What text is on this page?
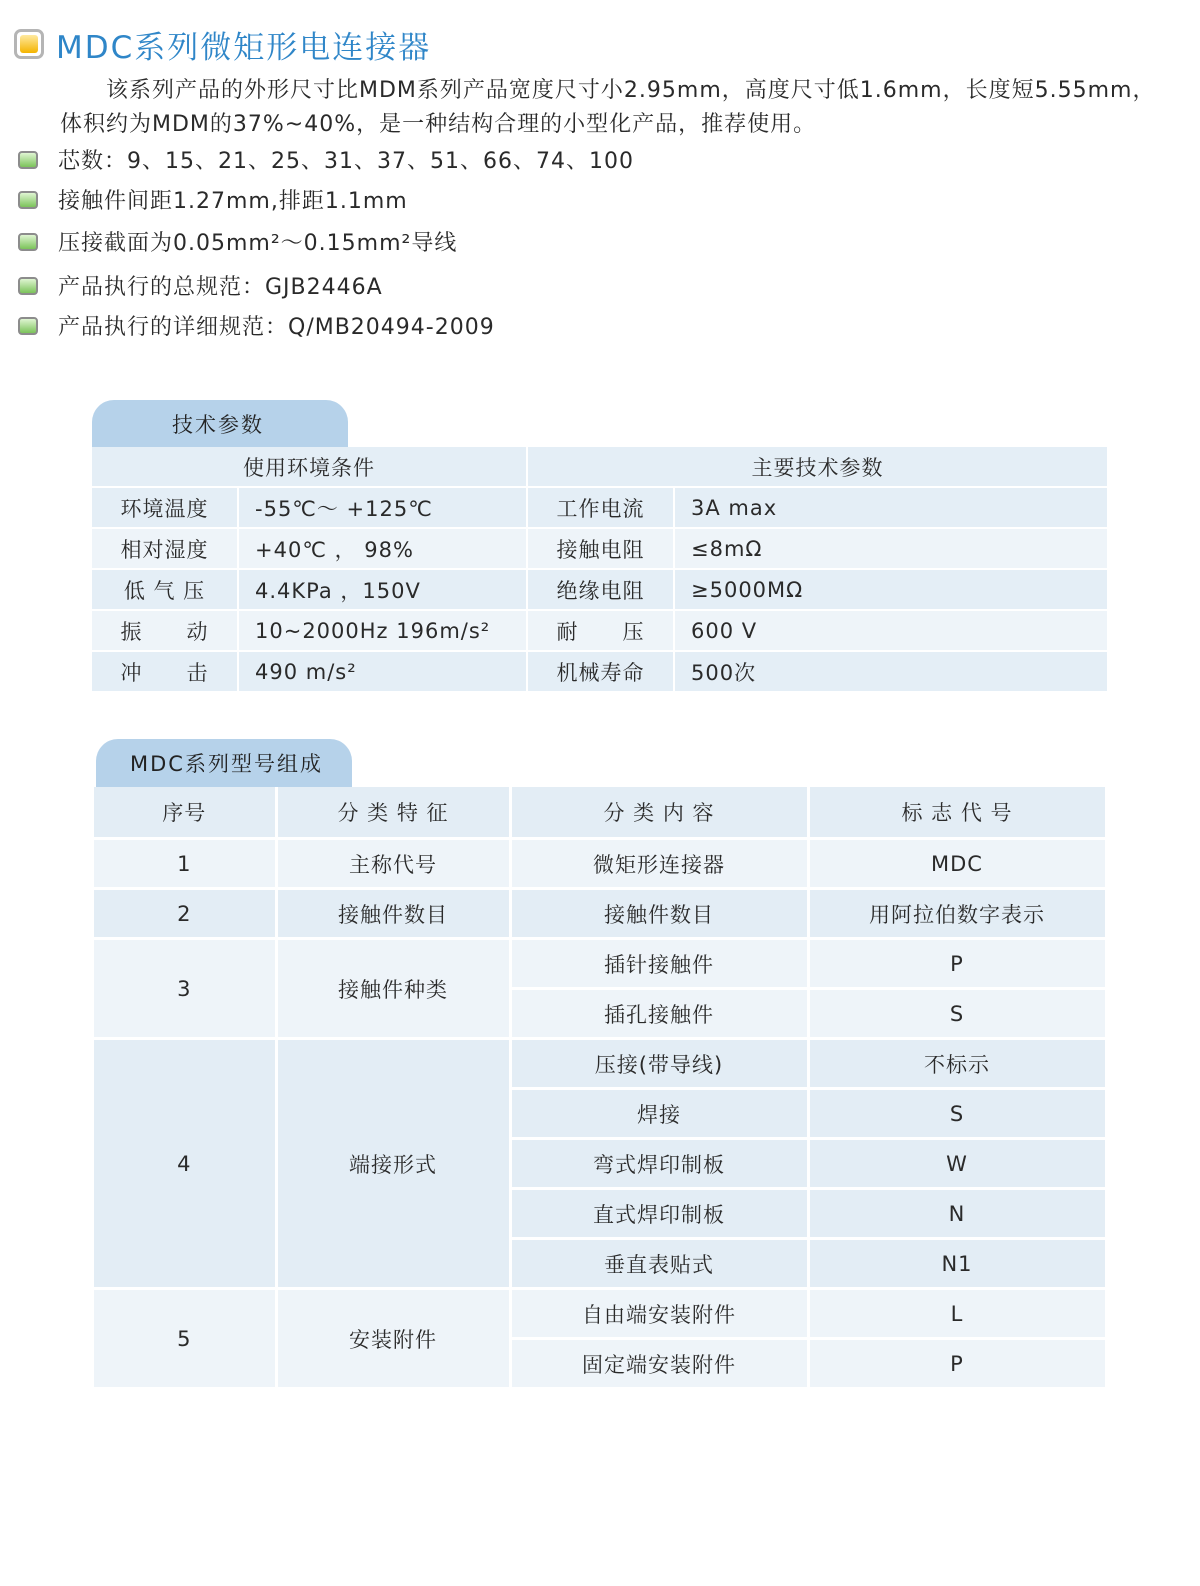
MDC系列微矩形电连接器

该系列产品的外形尺寸比MDM系列产品宽度尺寸小2.95mm，高度尺寸低1.6mm，长度短5.55mm，

体积约为MDM的37%~40%，是一种结构合理的小型化产品，推荐使用。

芯数：9、15、21、25、31、37、51、66、74、100
接触件间距1.27mm,排距1.1mm
压接截面为0.05mm²～0.15mm²导线
产品执行的总规范：GJB2446A
产品执行的详细规范：Q/MB20494-2009
技术参数
使用环境条件		主要技术参数	
环境温度	-55℃～ +125℃	工作电流	3A max
相对湿度	+40℃ ， 98%	接触电阻	≤8mΩ
低 气 压	4.4KPa ，150V	绝缘电阻	≥5000MΩ
振　　动	10~2000Hz 196m/s²	耐　　压	600 V
冲　　击	490 m/s²	机械寿命	500次
MDC系列型号组成
序号	分 类 特 征	分 类 内 容	标 志 代 号
1	主称代号	微矩形连接器	MDC
2	接触件数目	接触件数目	用阿拉伯数字表示
3	接触件种类	插针接触件	P
		插孔接触件	S
4	端接形式	压接(带导线)	不标示
		焊接	S
		弯式焊印制板	W
		直式焊印制板	N
		垂直表贴式	N1
5	安装附件	自由端安装附件	L
		固定端安装附件	P
